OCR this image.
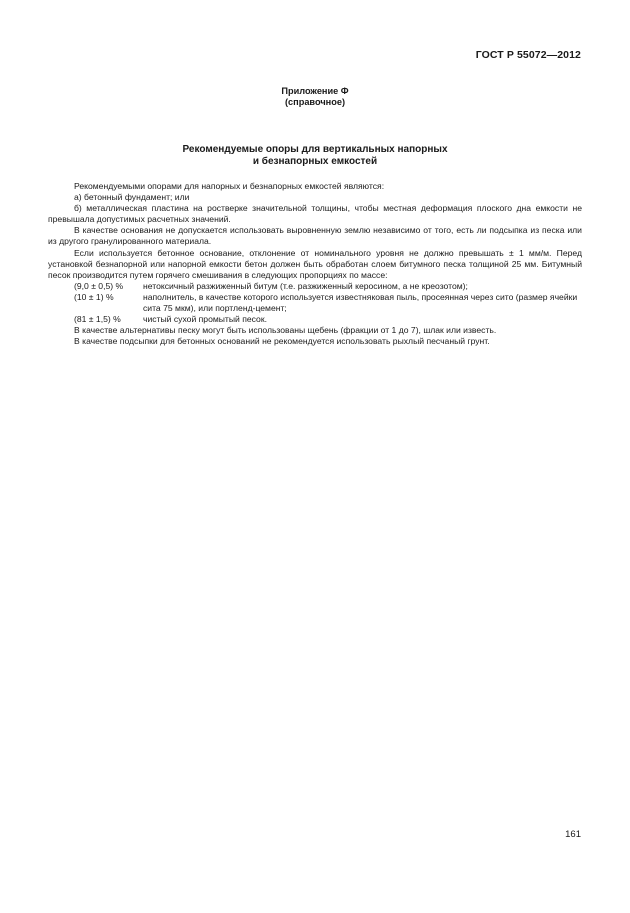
ГОСТ Р 55072—2012
Приложение Ф
(справочное)
Рекомендуемые опоры для вертикальных напорных
и безнапорных емкостей

Рекомендуемыми опорами для напорных и безнапорных емкостей являются:

а) бетонный фундамент; или

б) металлическая пластина на ростверке значительной толщины, чтобы местная деформация плоского дна емкости не превышала допустимых расчетных значений.

В качестве основания не допускается использовать выровненную землю независимо от того, есть ли подсыпка из песка или из другого гранулированного материала.

Если используется бетонное основание, отклонение от номинального уровня не должно превышать ± 1 мм/м. Перед установкой безнапорной или напорной емкости бетон должен быть обработан слоем битумного песка толщиной 25 мм. Битумный песок производится путем горячего смешивания в следующих пропорциях по массе:

(9,0 ± 0,5) %	нетоксичный разжиженный битум (т.е. разжиженный керосином, а не креозотом);
(10 ± 1) %	наполнитель, в качестве которого используется известняковая пыль, просеянная через сито (размер ячейки сита 75 мкм), или портленд-цемент;
(81 ± 1,5) %	чистый сухой промытый песок.

В качестве альтернативы песку могут быть использованы щебень (фракции от 1 до 7), шлак или известь.

В качестве подсыпки для бетонных оснований не рекомендуется использовать рыхлый песчаный грунт.

161
